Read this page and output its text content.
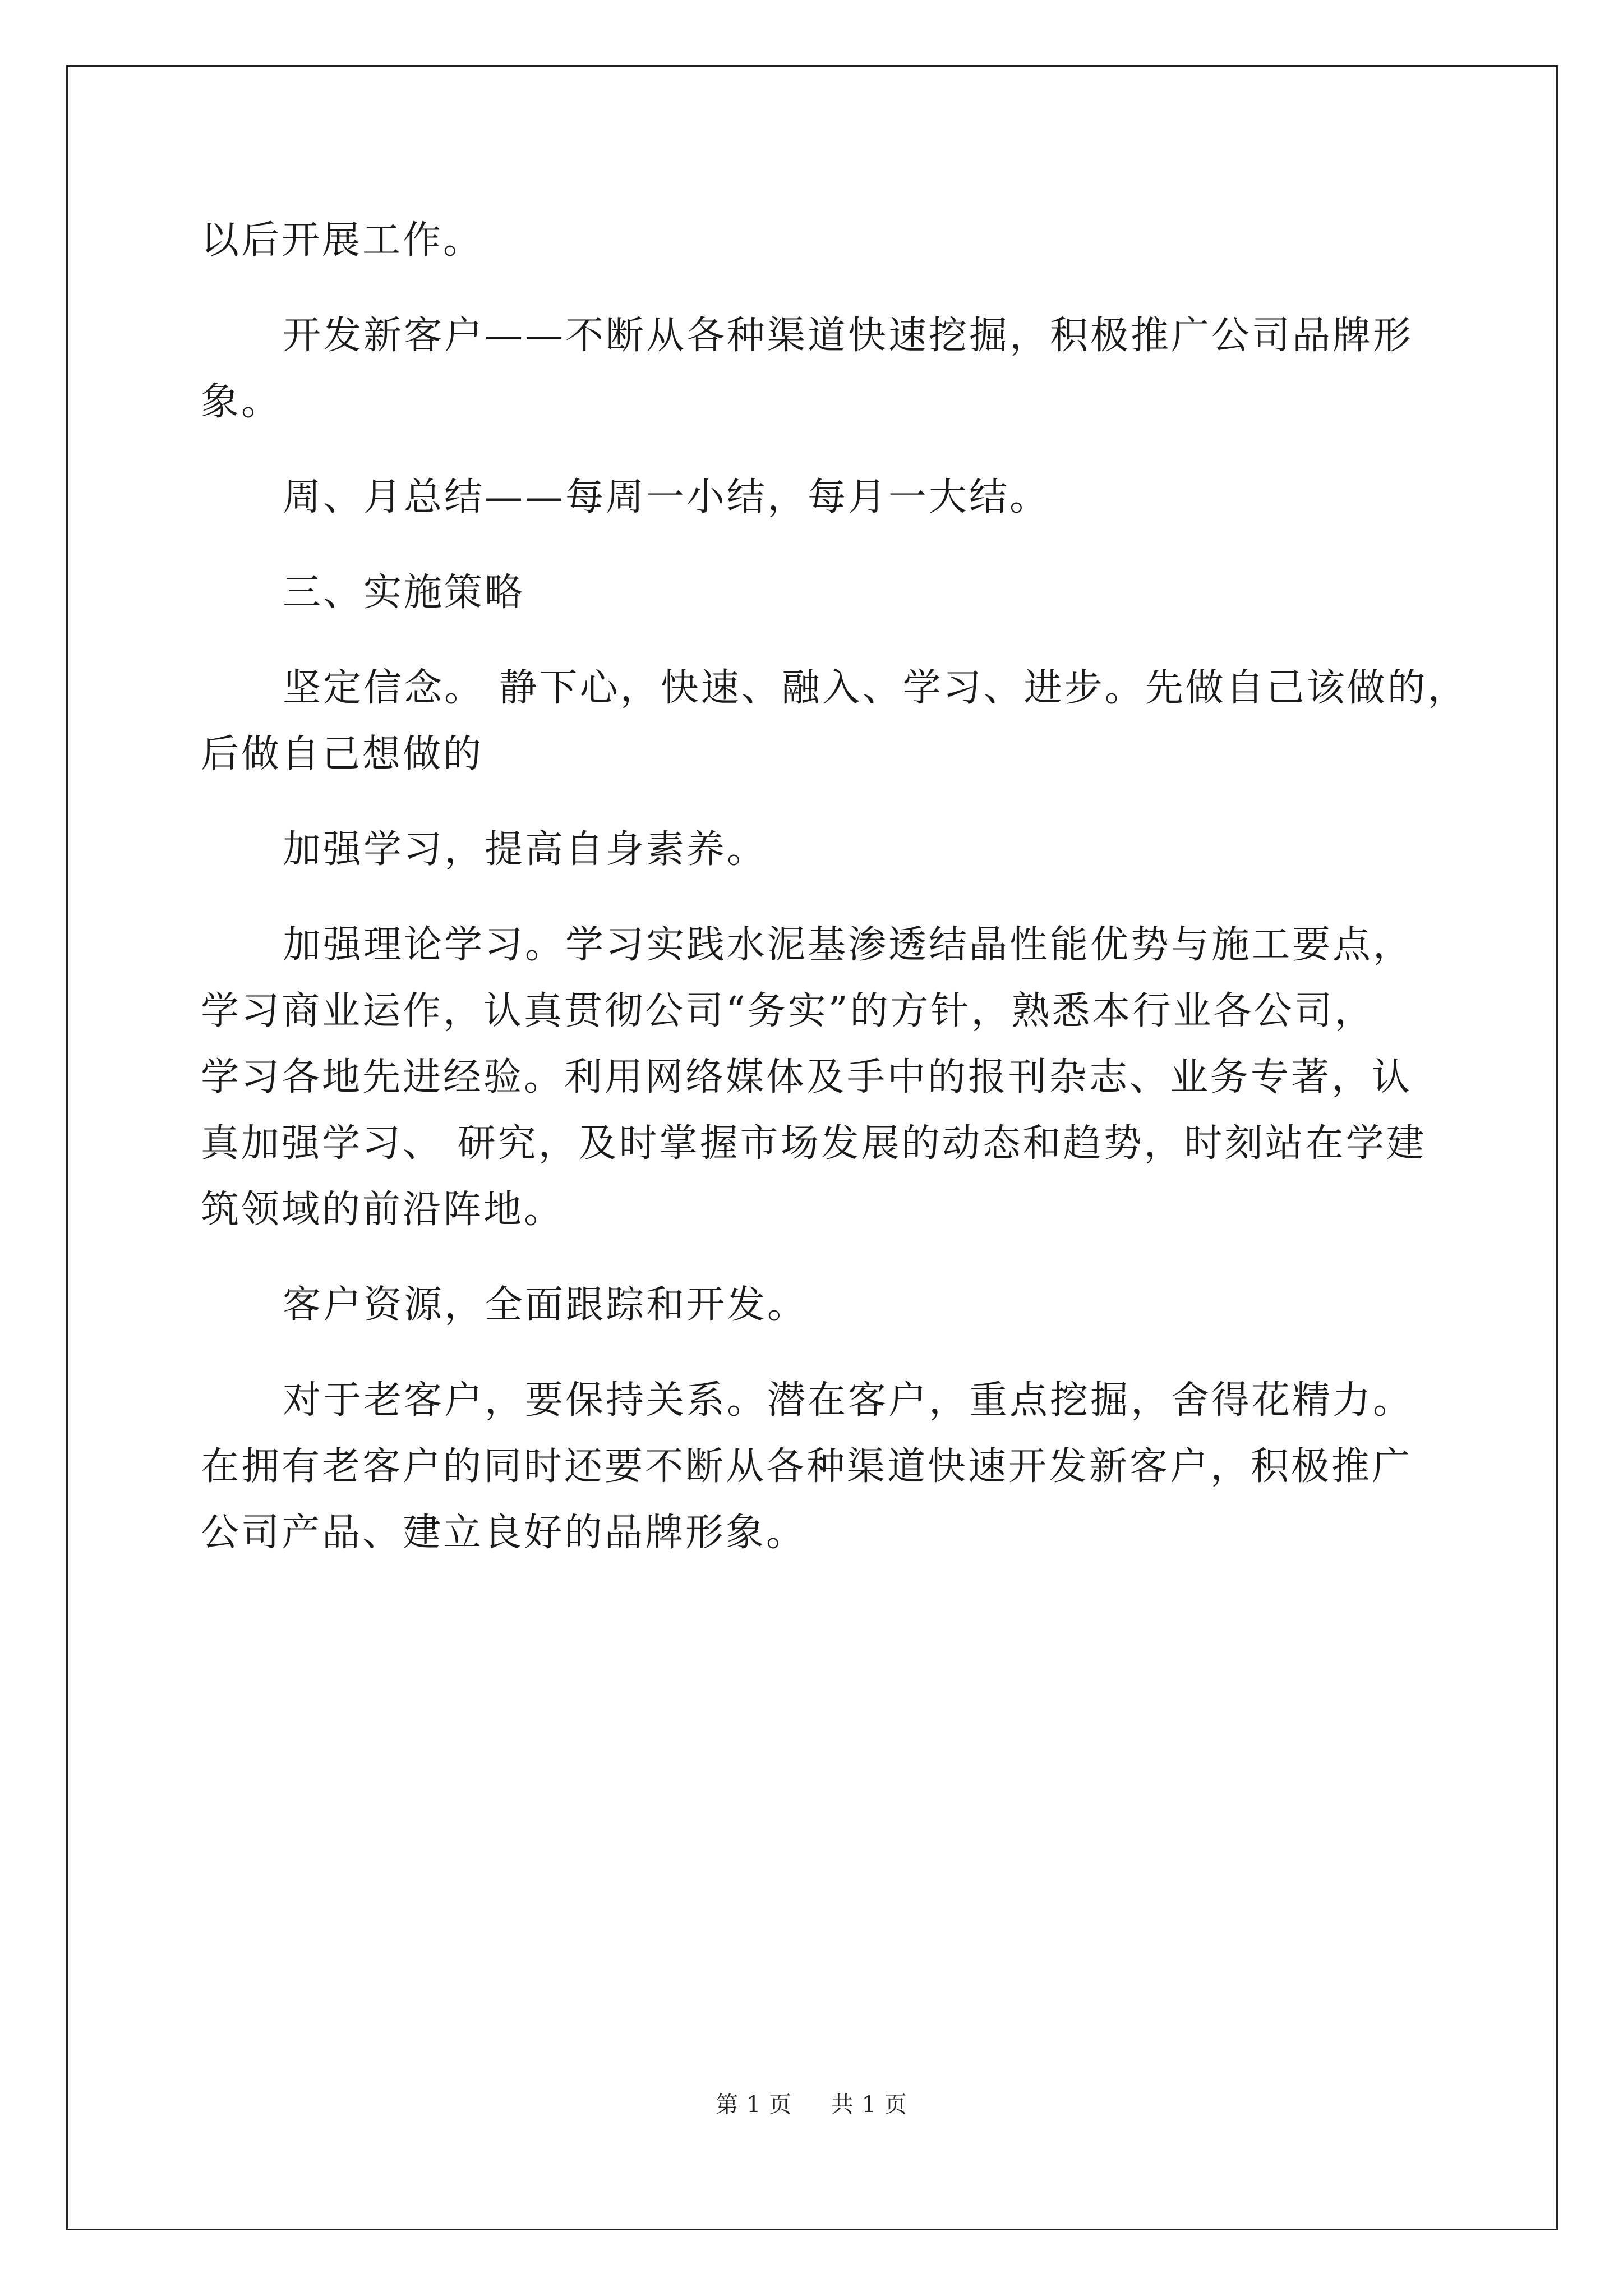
以后开展工作。
开发新客户——不断从各种渠道快速挖掘，积极推广公司品牌形
象。
周、月总结——每周一小结，每月一大结。
三、实施策略
坚定信念。 静下心，快速、融入、学习、进步。先做自己该做的，
后做自己想做的
加强学习，提高自身素养。
加强理论学习。学习实践水泥基渗透结晶性能优势与施工要点，
学习商业运作，认真贯彻公司“务实”的方针，熟悉本行业各公司，
学习各地先进经验。利用网络媒体及手中的报刊杂志、业务专著，认
真加强学习、 研究，及时掌握市场发展的动态和趋势，时刻站在学建
筑领域的前沿阵地。
客户资源，全面跟踪和开发。
对于老客户，要保持关系。潜在客户，重点挖掘，舍得花精力。
在拥有老客户的同时还要不断从各种渠道快速开发新客户，积极推广
公司产品、建立良好的品牌形象。
第 1 页 共 1 页
